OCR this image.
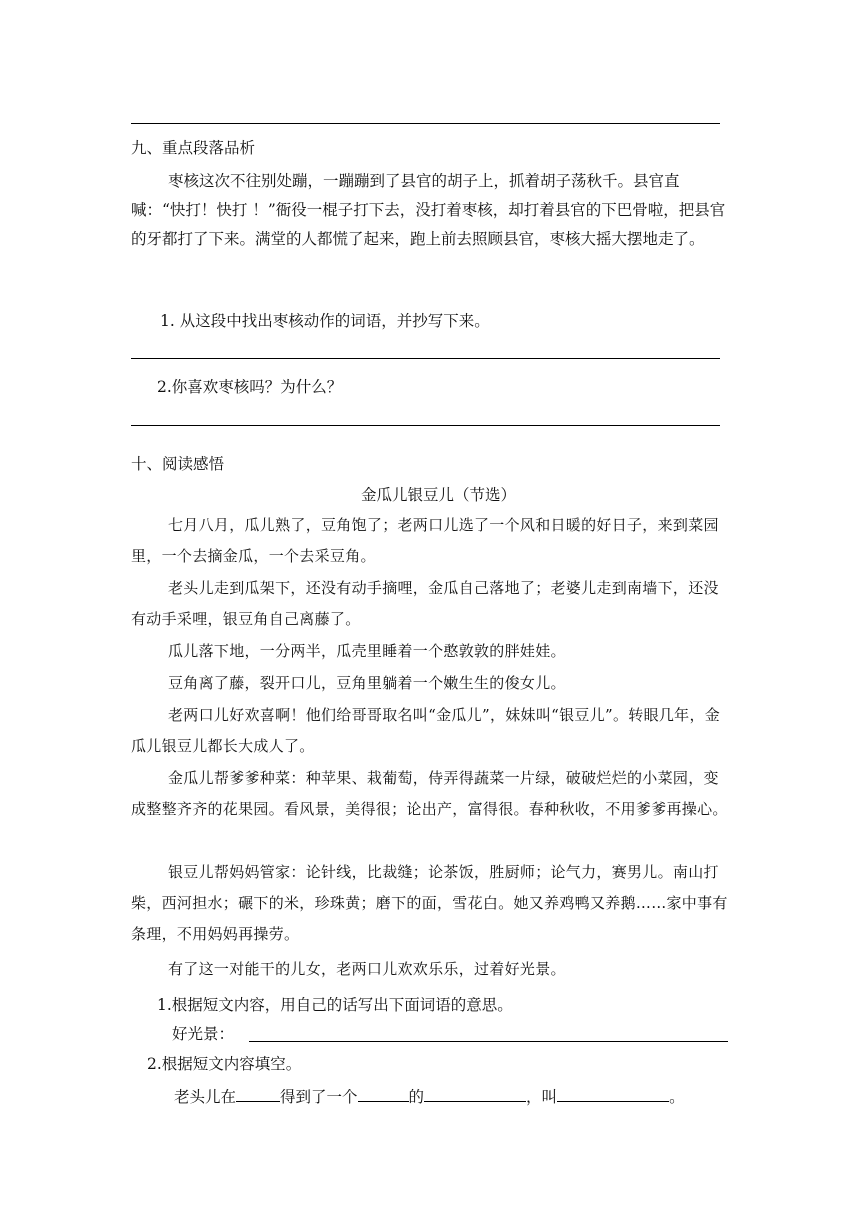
九、重点段落品析
枣核这次不往别处蹦，一蹦蹦到了县官的胡子上，抓着胡子荡秋千。县官直喊：“快打！快打 ！”衙役一棍子打下去，没打着枣核，却打着县官的下巴骨啦，把县官的牙都打了下来。满堂的人都慌了起来，跑上前去照顾县官，枣核大摇大摆地走了。
1. 从这段中找出枣核动作的词语，并抄写下来。
2.你喜欢枣核吗？为什么？
十、阅读感悟
金瓜儿银豆儿（节选）
七月八月，瓜儿熟了，豆角饱了；老两口儿选了一个风和日暖的好日子，来到菜园里，一个去摘金瓜，一个去采豆角。
老头儿走到瓜架下，还没有动手摘哩，金瓜自己落地了；老婆儿走到南墙下，还没有动手采哩，银豆角自己离藤了。
瓜儿落下地，一分两半，瓜壳里睡着一个憨敦敦的胖娃娃。
豆角离了藤，裂开口儿，豆角里躺着一个嫩生生的俊女儿。
老两口儿好欢喜啊！他们给哥哥取名叫“金瓜儿”，妹妹叫“银豆儿”。转眼几年，金瓜儿银豆儿都长大成人了。
金瓜儿帮爹爹种菜：种苹果、栽葡萄，侍弄得蔬菜一片绿，破破烂烂的小菜园，变成整整齐齐的花果园。看风景，美得很；论出产，富得很。春种秋收，不用爹爹再操心。
银豆儿帮妈妈管家：论针线，比裁缝；论茶饭，胜厨师；论气力，赛男儿。南山打柴，西河担水；碾下的米，珍珠黄；磨下的面，雪花白。她又养鸡鸭又养鹅……家中事有条理，不用妈妈再操劳。
有了这一对能干的儿女，老两口儿欢欢乐乐，过着好光景。
1.根据短文内容，用自己的话写出下面词语的意思。
好光景：
2.根据短文内容填空。
老头儿在	得到了一个	的	，叫	。
